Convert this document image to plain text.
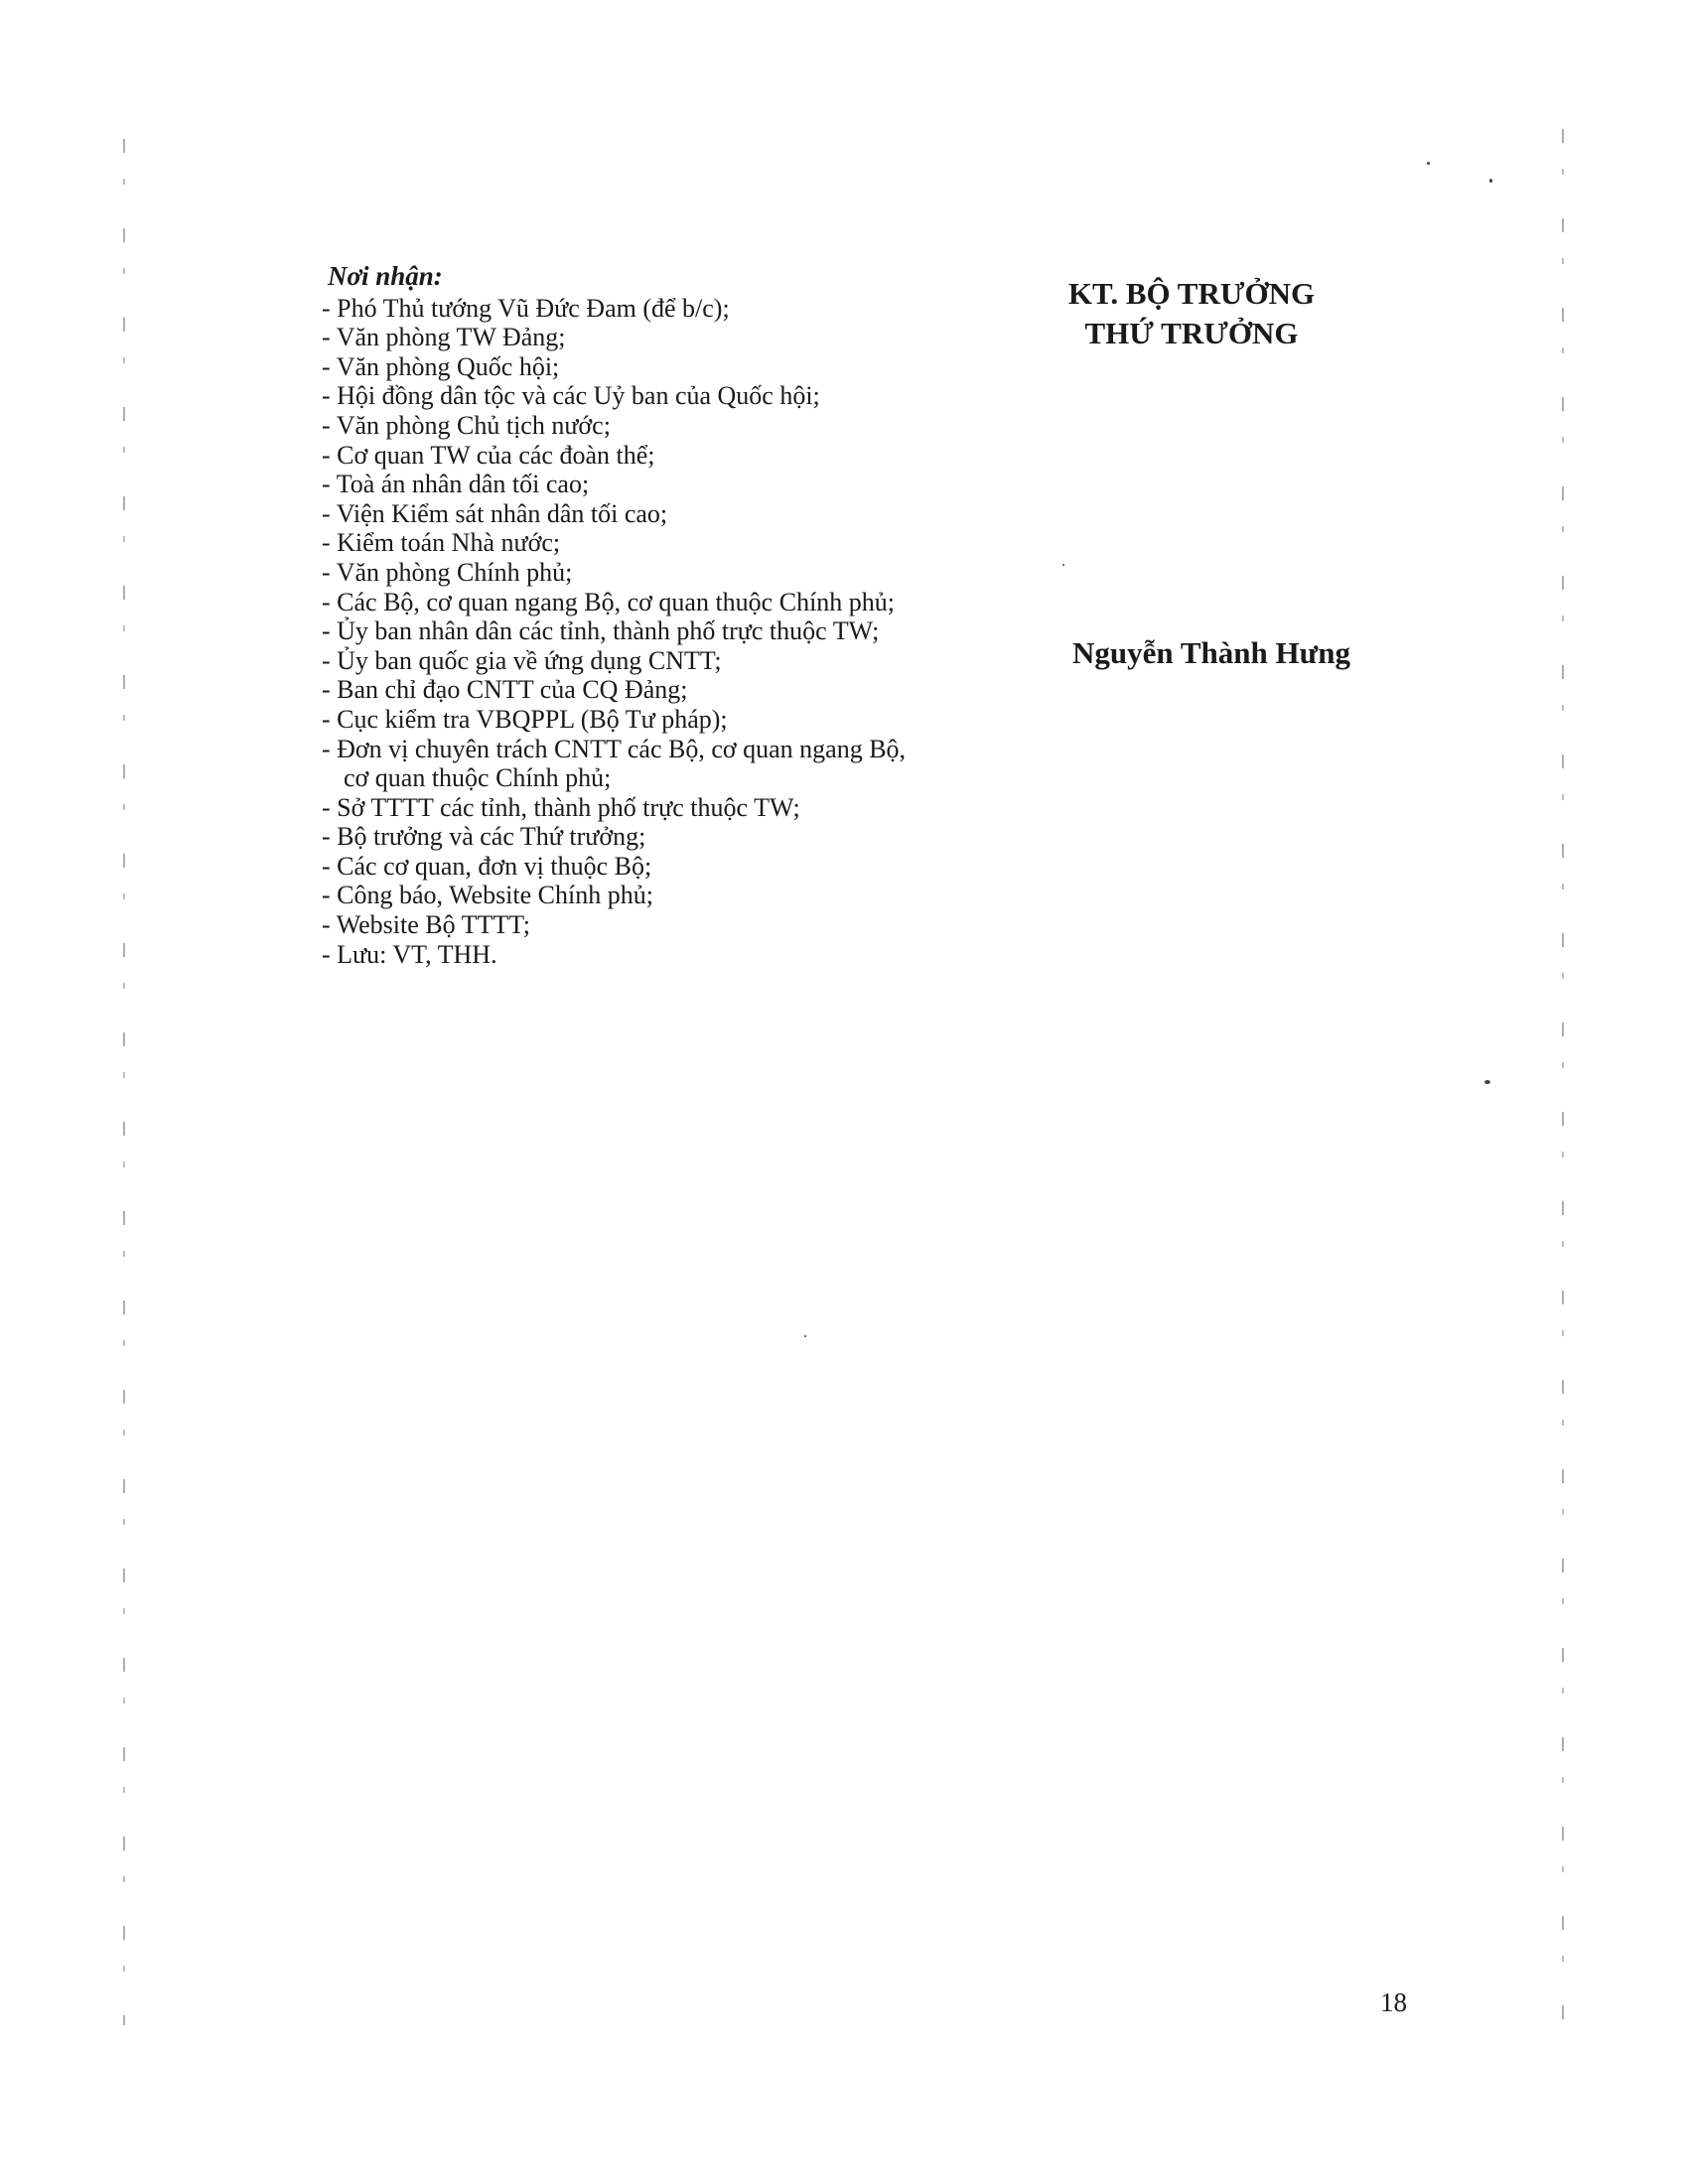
Nơi nhận:
- Phó Thủ tướng Vũ Đức Đam (để b/c);
- Văn phòng TW Đảng;
- Văn phòng Quốc hội;
- Hội đồng dân tộc và các Uỷ ban của Quốc hội;
- Văn phòng Chủ tịch nước;
- Cơ quan TW của các đoàn thể;
- Toà án nhân dân tối cao;
- Viện Kiểm sát nhân dân tối cao;
- Kiểm toán Nhà nước;
- Văn phòng Chính phủ;
- Các Bộ, cơ quan ngang Bộ, cơ quan thuộc Chính phủ;
- Ủy ban nhân dân các tỉnh, thành phố trực thuộc TW;
- Ủy ban quốc gia về ứng dụng CNTT;
- Ban chỉ đạo CNTT của CQ Đảng;
- Cục kiểm tra VBQPPL (Bộ Tư pháp);
- Đơn vị chuyên trách CNTT các Bộ, cơ quan ngang Bộ,
cơ quan thuộc Chính phủ;
- Sở TTTT các tỉnh, thành phố trực thuộc TW;
- Bộ trưởng và các Thứ trưởng;
- Các cơ quan, đơn vị thuộc Bộ;
- Công báo, Website Chính phủ;
- Website Bộ TTTT;
- Lưu: VT, THH.
KT. BỘ TRƯỞNG
THỨ TRƯỞNG
Nguyễn Thành Hưng
18
